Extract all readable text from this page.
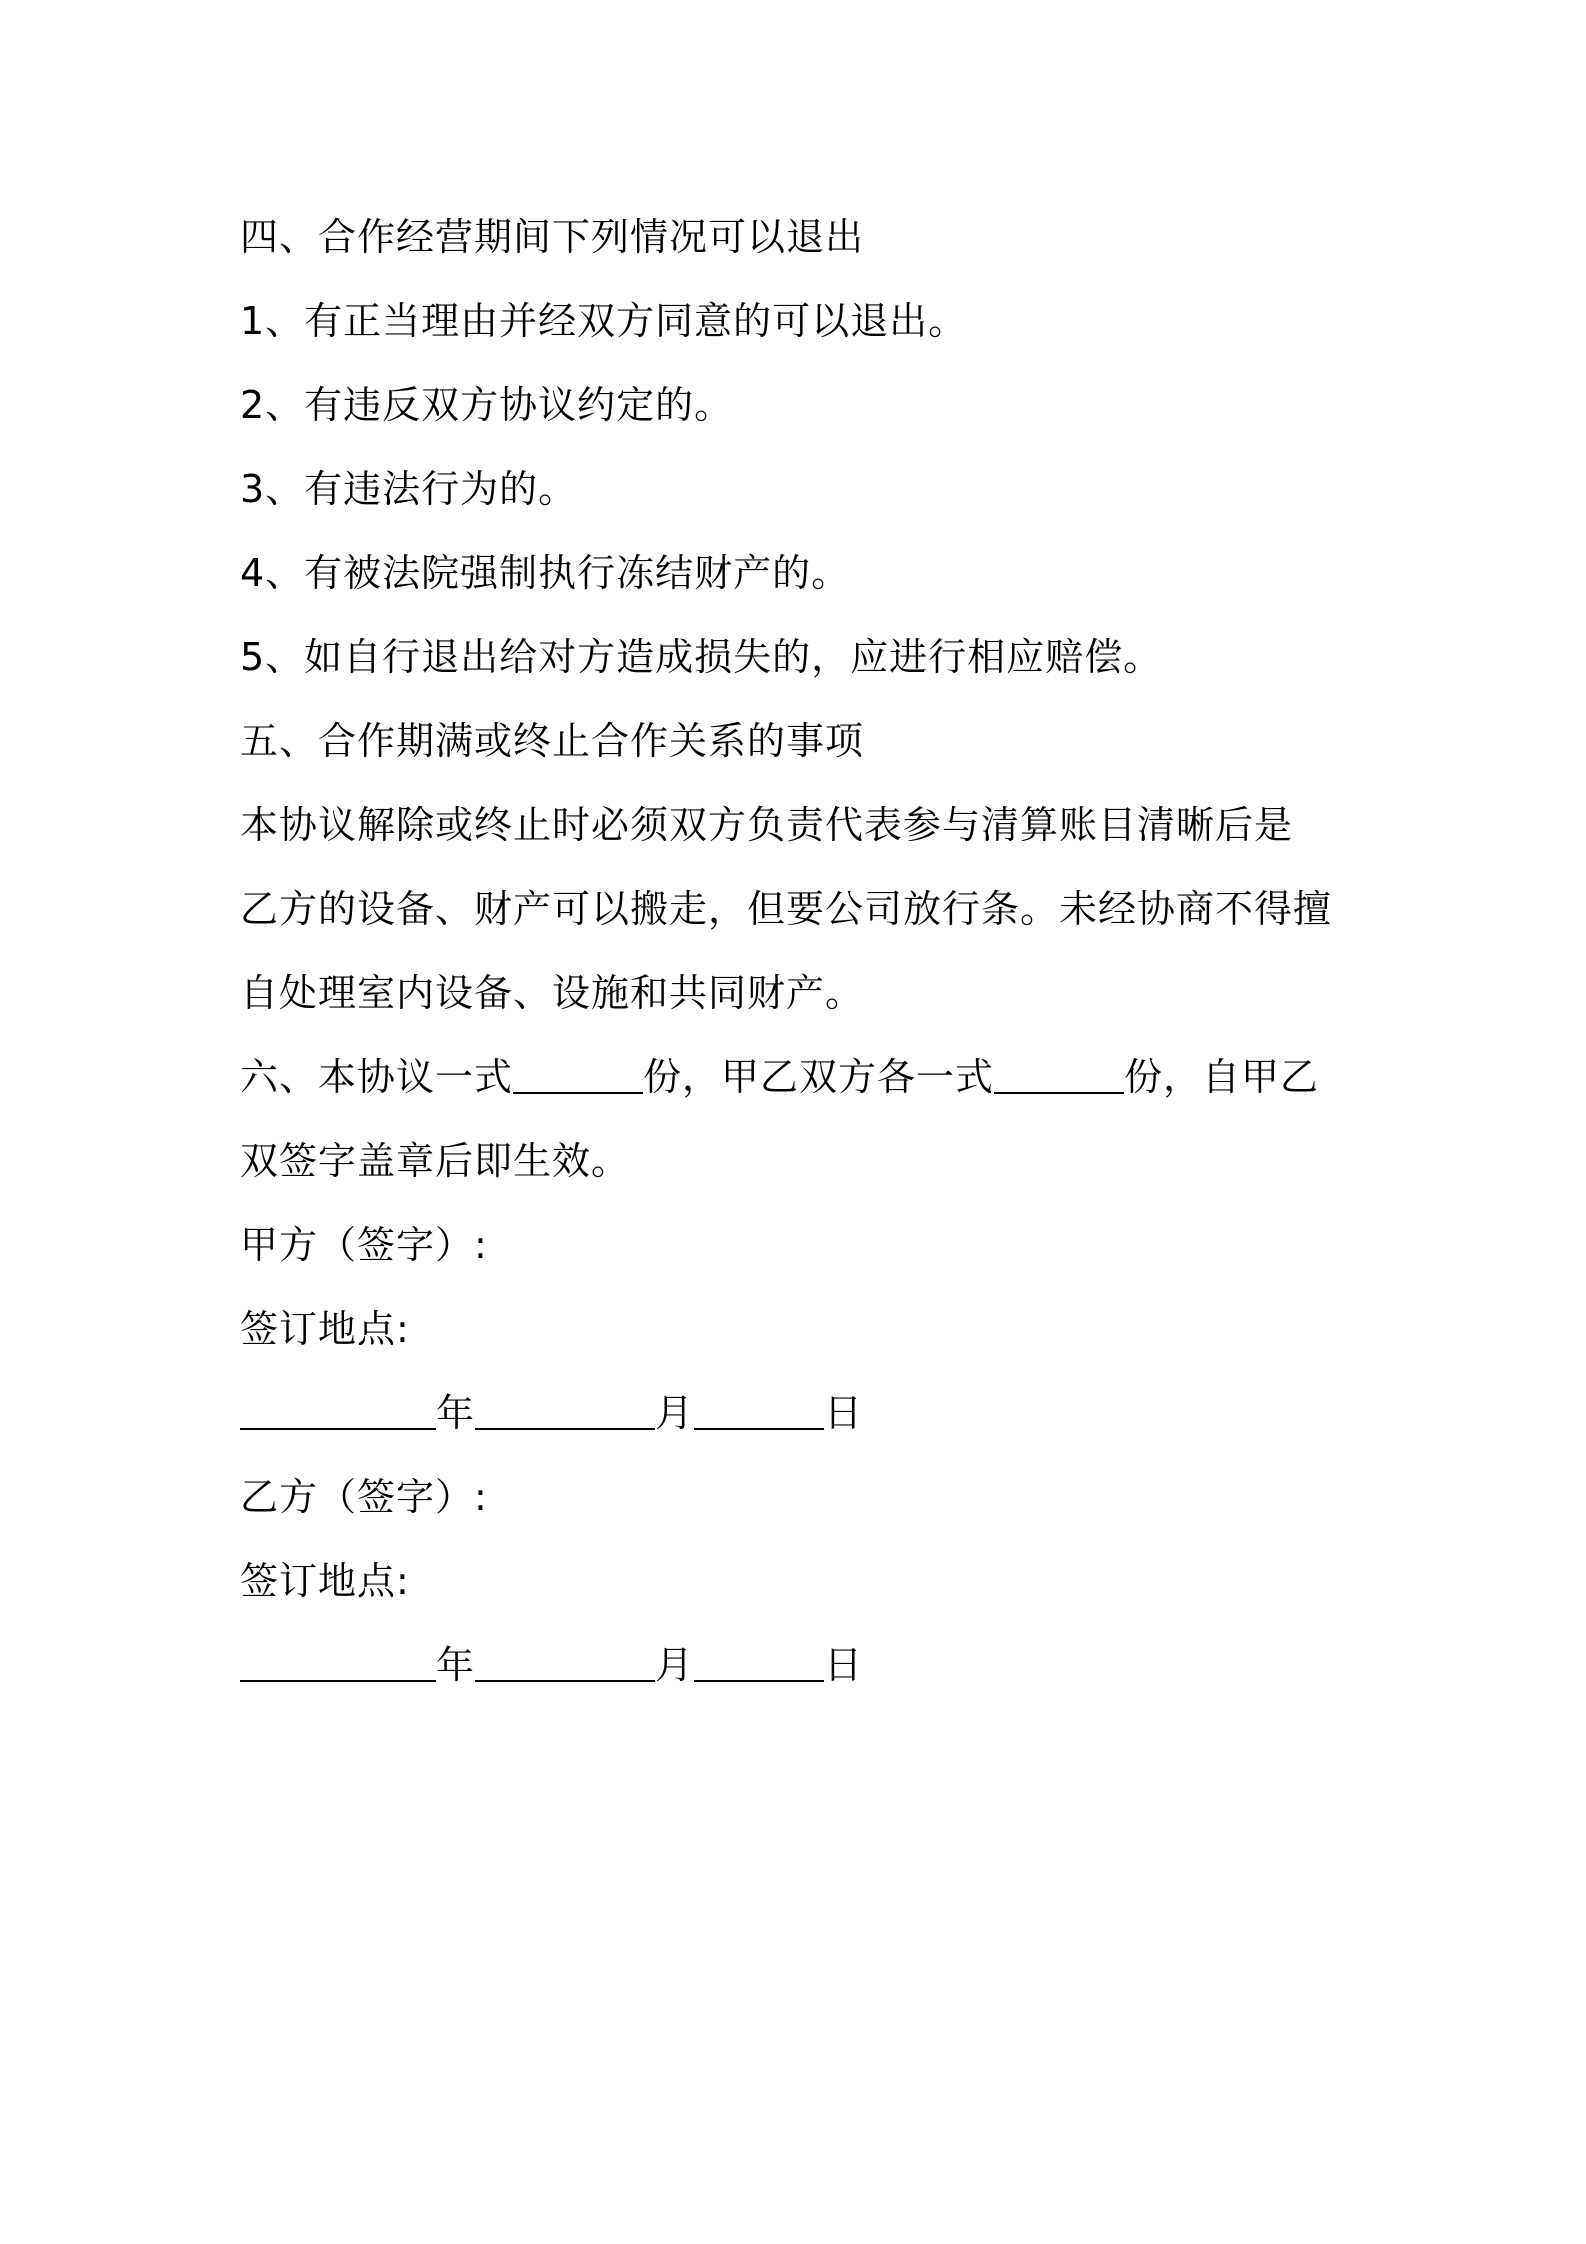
四、合作经营期间下列情况可以退出
1、有正当理由并经双方同意的可以退出。
2、有违反双方协议约定的。
3、有违法行为的。
4、有被法院强制执行冻结财产的。
5、如自行退出给对方造成损失的，应进行相应赔偿。
五、合作期满或终止合作关系的事项
本协议解除或终止时必须双方负责代表参与清算账目清晰后是
乙方的设备、财产可以搬走，但要公司放行条。未经协商不得擅
自处理室内设备、设施和共同财产。
六、本协议一式	份，甲乙双方各一式	份，自甲乙
双签字盖章后即生效。
甲方（签字）:
签订地点:
年	月	日
乙方（签字）:
签订地点:
年	月	日
